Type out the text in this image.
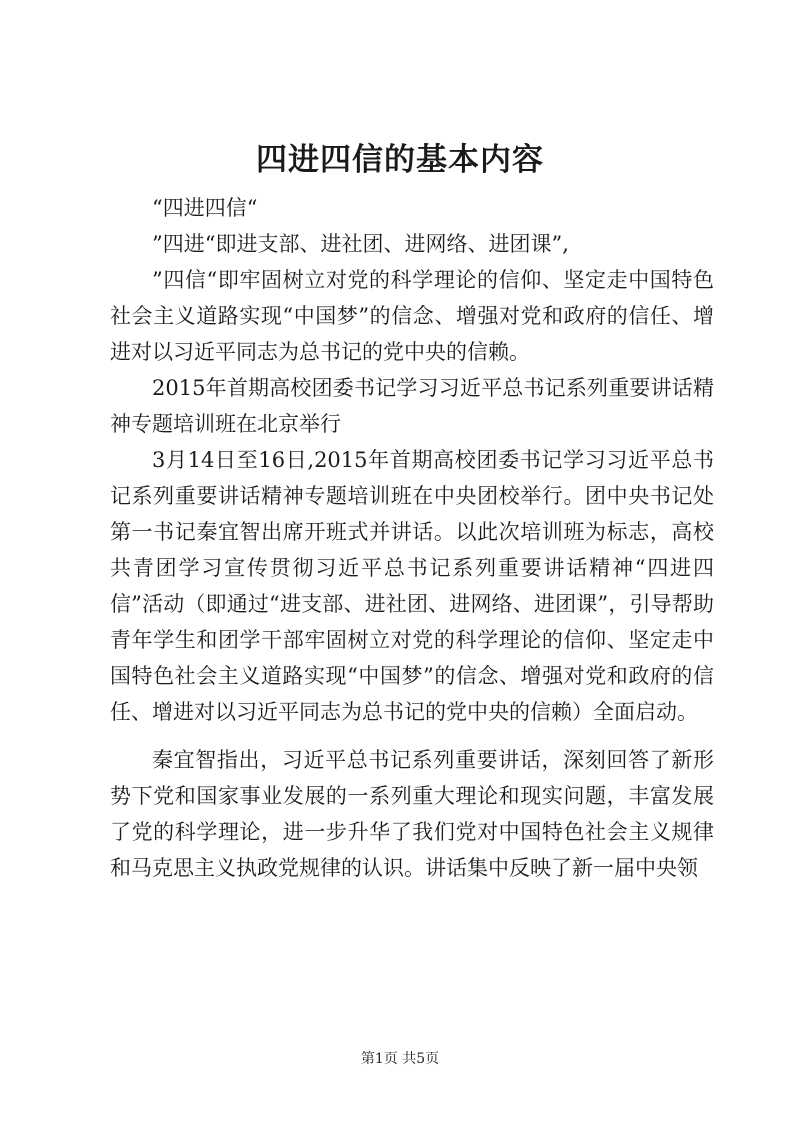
四进四信的基本内容

“四进四信“

”四进“即进支部、进社团、进网络、进团课”,

”四信“即牢固树立对党的科学理论的信仰、坚定走中国特色社会主义道路实现“中国梦”的信念、增强对党和政府的信任、增进对以习近平同志为总书记的党中央的信赖。

2015年首期高校团委书记学习习近平总书记系列重要讲话精神专题培训班在北京举行

3月14日至16日,2015年首期高校团委书记学习习近平总书记系列重要讲话精神专题培训班在中央团校举行。团中央书记处第一书记秦宜智出席开班式并讲话。以此次培训班为标志，高校共青团学习宣传贯彻习近平总书记系列重要讲话精神“四进四信”活动（即通过“进支部、进社团、进网络、进团课”，引导帮助青年学生和团学干部牢固树立对党的科学理论的信仰、坚定走中国特色社会主义道路实现“中国梦”的信念、增强对党和政府的信任、增进对以习近平同志为总书记的党中央的信赖）全面启动。

秦宜智指出，习近平总书记系列重要讲话，深刻回答了新形势下党和国家事业发展的一系列重大理论和现实问题，丰富发展了党的科学理论，进一步升华了我们党对中国特色社会主义规律和马克思主义执政党规律的认识。讲话集中反映了新一届中央领

第1页 共5页
